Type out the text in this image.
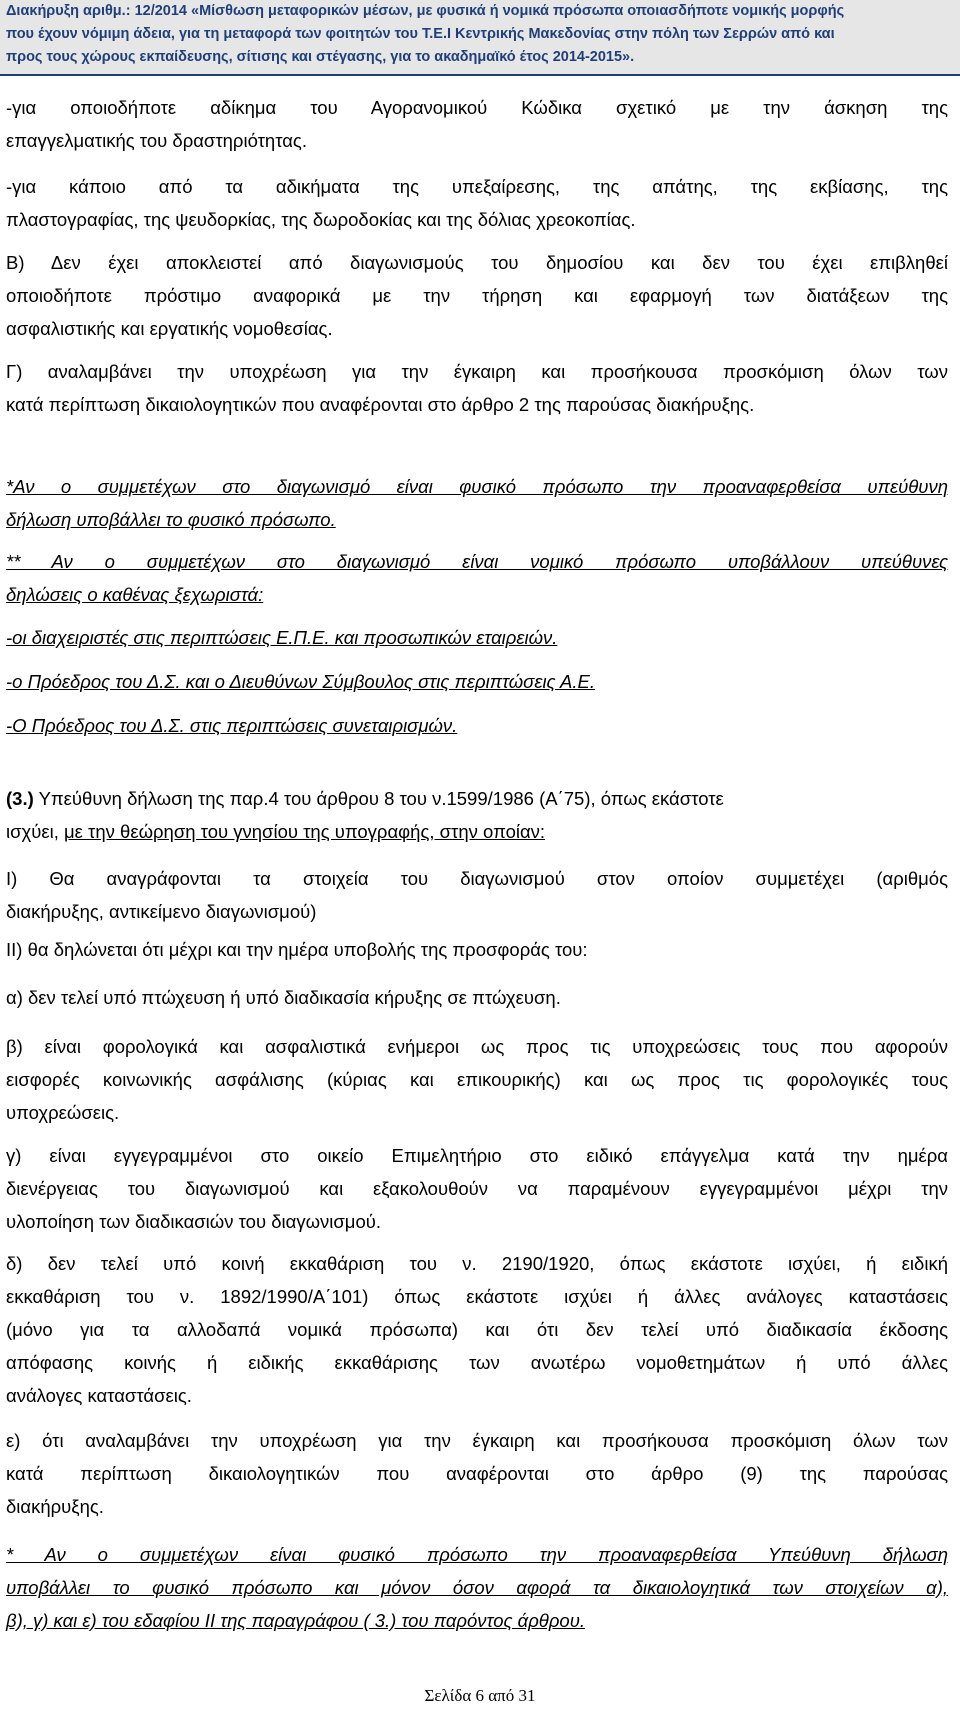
Διακήρυξη αριθμ.: 12/2014 «Μίσθωση μεταφορικών μέσων, με φυσικά ή νομικά πρόσωπα οποιασδήποτε νομικής μορφής
που έχουν νόμιμη άδεια, για τη μεταφορά των φοιτητών του Τ.Ε.Ι Κεντρικής Μακεδονίας στην πόλη των Σερρών από και
προς τους χώρους εκπαίδευσης, σίτισης και στέγασης, για το ακαδημαϊκό έτος 2014-2015».
-για οποιοδήποτε αδίκημα του Αγορανομικού Κώδικα σχετικό με την άσκηση της
επαγγελματικής του δραστηριότητας.
-για κάποιο από τα αδικήματα της υπεξαίρεσης, της απάτης, της εκβίασης, της
πλαστογραφίας, της ψευδορκίας, της δωροδοκίας και της δόλιας χρεοκοπίας.
Β) Δεν έχει αποκλειστεί από διαγωνισμούς του δημοσίου και δεν του έχει επιβληθεί
οποιοδήποτε πρόστιμο αναφορικά με την τήρηση και εφαρμογή των διατάξεων της
ασφαλιστικής και εργατικής νομοθεσίας.
Γ) αναλαμβάνει την υποχρέωση για την έγκαιρη και προσήκουσα προσκόμιση όλων των
κατά περίπτωση δικαιολογητικών που αναφέρονται στο άρθρο 2 της παρούσας διακήρυξης.
*Αν ο συμμετέχων στο διαγωνισμό είναι φυσικό πρόσωπο την προαναφερθείσα υπεύθυνη
δήλωση υποβάλλει το φυσικό πρόσωπο.
** Αν ο συμμετέχων στο διαγωνισμό είναι νομικό πρόσωπο υποβάλλουν υπεύθυνες
δηλώσεις ο καθένας ξεχωριστά:
-οι διαχειριστές στις περιπτώσεις Ε.Π.Ε. και προσωπικών εταιρειών.
-ο Πρόεδρος του Δ.Σ. και ο Διευθύνων Σύμβουλος στις περιπτώσεις Α.Ε.
-Ο Πρόεδρος του Δ.Σ. στις περιπτώσεις συνεταιρισμών.
(3.) Υπεύθυνη δήλωση της παρ.4 του άρθρου 8 του ν.1599/1986 (Α΄75), όπως εκάστοτε
ισχύει, με την θεώρηση του γνησίου της υπογραφής, στην οποίαν:
Ι) Θα αναγράφονται τα στοιχεία του διαγωνισμού στον οποίον συμμετέχει (αριθμός
διακήρυξης, αντικείμενο διαγωνισμού)
ΙΙ) θα δηλώνεται ότι μέχρι και την ημέρα υποβολής της προσφοράς του:
α) δεν τελεί υπό πτώχευση ή υπό διαδικασία κήρυξης σε πτώχευση.
β) είναι φορολογικά και ασφαλιστικά ενήμεροι ως προς τις υποχρεώσεις τους που αφορούν
εισφορές κοινωνικής ασφάλισης (κύριας και επικουρικής) και ως προς τις φορολογικές τους
υποχρεώσεις.
γ) είναι εγγεγραμμένοι στο οικείο Επιμελητήριο στο ειδικό επάγγελμα κατά την ημέρα
διενέργειας του διαγωνισμού και εξακολουθούν να παραμένουν εγγεγραμμένοι μέχρι την
υλοποίηση των διαδικασιών του διαγωνισμού.
δ) δεν τελεί υπό κοινή εκκαθάριση του ν. 2190/1920, όπως εκάστοτε ισχύει, ή ειδική
εκκαθάριση του ν. 1892/1990/Α΄101) όπως εκάστοτε ισχύει ή άλλες ανάλογες καταστάσεις
(μόνο για τα αλλοδαπά νομικά πρόσωπα) και ότι δεν τελεί υπό διαδικασία έκδοσης
απόφασης κοινής ή ειδικής εκκαθάρισης των ανωτέρω νομοθετημάτων ή υπό άλλες
ανάλογες καταστάσεις.
ε) ότι αναλαμβάνει την υποχρέωση για την έγκαιρη και προσήκουσα προσκόμιση όλων των
κατά περίπτωση δικαιολογητικών που αναφέρονται στο άρθρο (9) της παρούσας
διακήρυξης.
* Αν ο συμμετέχων είναι φυσικό πρόσωπο την προαναφερθείσα Υπεύθυνη δήλωση
υποβάλλει το φυσικό πρόσωπο και μόνον όσον αφορά τα δικαιολογητικά των στοιχείων α),
β), γ) και ε) του εδαφίου ΙΙ της παραγράφου ( 3.) του παρόντος άρθρου.
Σελίδα 6 από 31
